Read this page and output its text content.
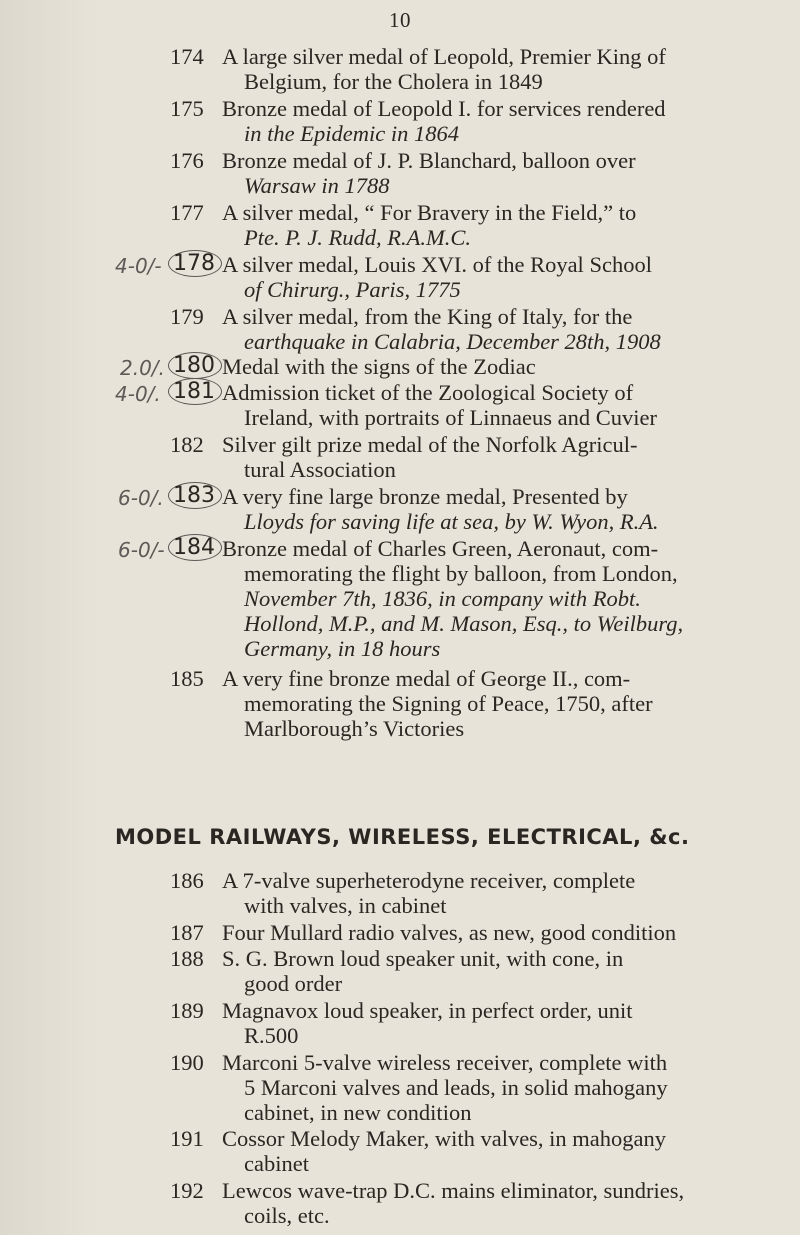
10
174 A large silver medal of Leopold, Premier King of
Belgium, for the Cholera in 1849
175 Bronze medal of Leopold I. for services rendered
in the Epidemic in 1864
176 Bronze medal of J. P. Blanchard, balloon over
Warsaw in 1788
177 A silver medal, “ For Bravery in the Field,” to
Pte. P. J. Rudd, R.A.M.C.
178 A silver medal, Louis XVI. of the Royal School
of Chirurg., Paris, 1775
179 A silver medal, from the King of Italy, for the
earthquake in Calabria, December 28th, 1908
180 Medal with the signs of the Zodiac
181 Admission ticket of the Zoological Society of
Ireland, with portraits of Linnaeus and Cuvier
182 Silver gilt prize medal of the Norfolk Agricul-
tural Association
183 A very fine large bronze medal, Presented by
Lloyds for saving life at sea, by W. Wyon, R.A.
184 Bronze medal of Charles Green, Aeronaut, com-
memorating the flight by balloon, from London,
November 7th, 1836, in company with Robt.
Hollond, M.P., and M. Mason, Esq., to Weilburg,
Germany, in 18 hours
185 A very fine bronze medal of George II., com-
memorating the Signing of Peace, 1750, after
Marlborough’s Victories
4-0/-
2.0/.
4-0/.
6-0/.
6-0/-
MODEL RAILWAYS, WIRELESS, ELECTRICAL, &c.
186 A 7-valve superheterodyne receiver, complete
with valves, in cabinet
187 Four Mullard radio valves, as new, good condition
188 S. G. Brown loud speaker unit, with cone, in
good order
189 Magnavox loud speaker, in perfect order, unit
R.500
190 Marconi 5-valve wireless receiver, complete with
5 Marconi valves and leads, in solid mahogany
cabinet, in new condition
191 Cossor Melody Maker, with valves, in mahogany
cabinet
192 Lewcos wave-trap D.C. mains eliminator, sundries,
coils, etc.
